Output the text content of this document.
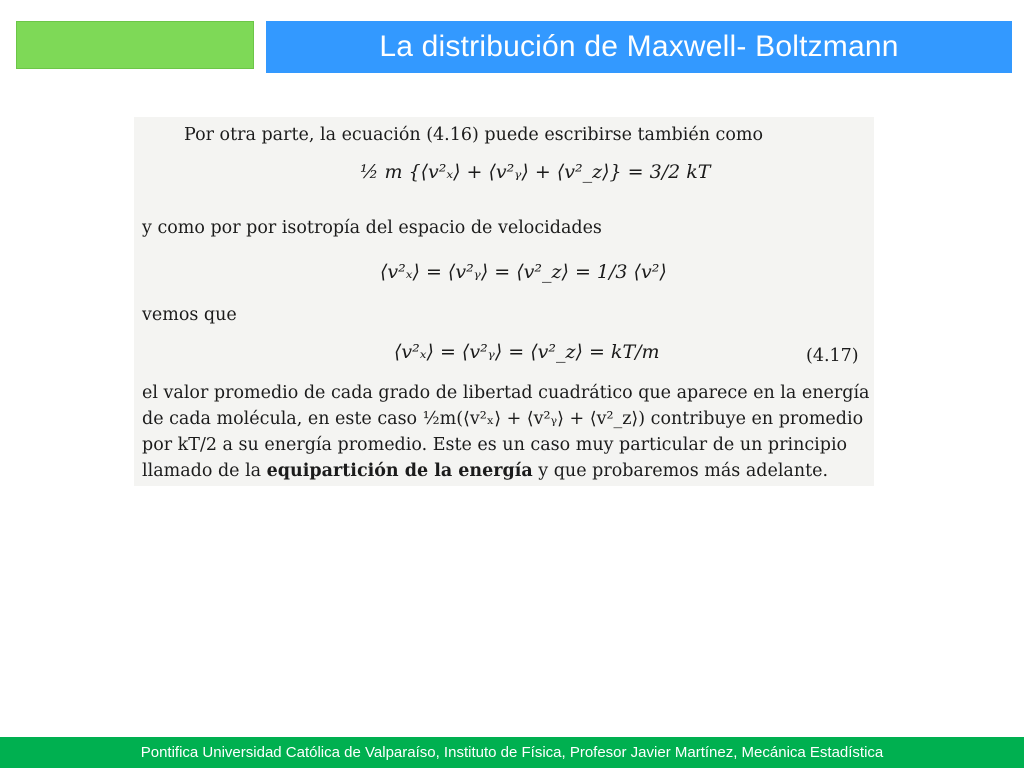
La distribución de Maxwell- Boltzmann
Por otra parte, la ecuación (4.16) puede escribirse también como
½ m {⟨v²ₓ⟩ + ⟨v²ᵧ⟩ + ⟨v²_z⟩} = 3/2 kT
y como por por isotropía del espacio de velocidades
⟨v²ₓ⟩ = ⟨v²ᵧ⟩ = ⟨v²_z⟩ = 1/3 ⟨v²⟩
vemos que
⟨v²ₓ⟩ = ⟨v²ᵧ⟩ = ⟨v²_z⟩ = kT/m	(4.17)
el valor promedio de cada grado de libertad cuadrático que aparece en la energía
de cada molécula, en este caso ½m(⟨v²ₓ⟩ + ⟨v²ᵧ⟩ + ⟨v²_z⟩) contribuye en promedio
por kT/2 a su energía promedio. Este es un caso muy particular de un principio
llamado de la equipartición de la energía y que probaremos más adelante.
Pontifica Universidad Católica de Valparaíso, Instituto de Física, Profesor Javier Martínez, Mecánica Estadística
